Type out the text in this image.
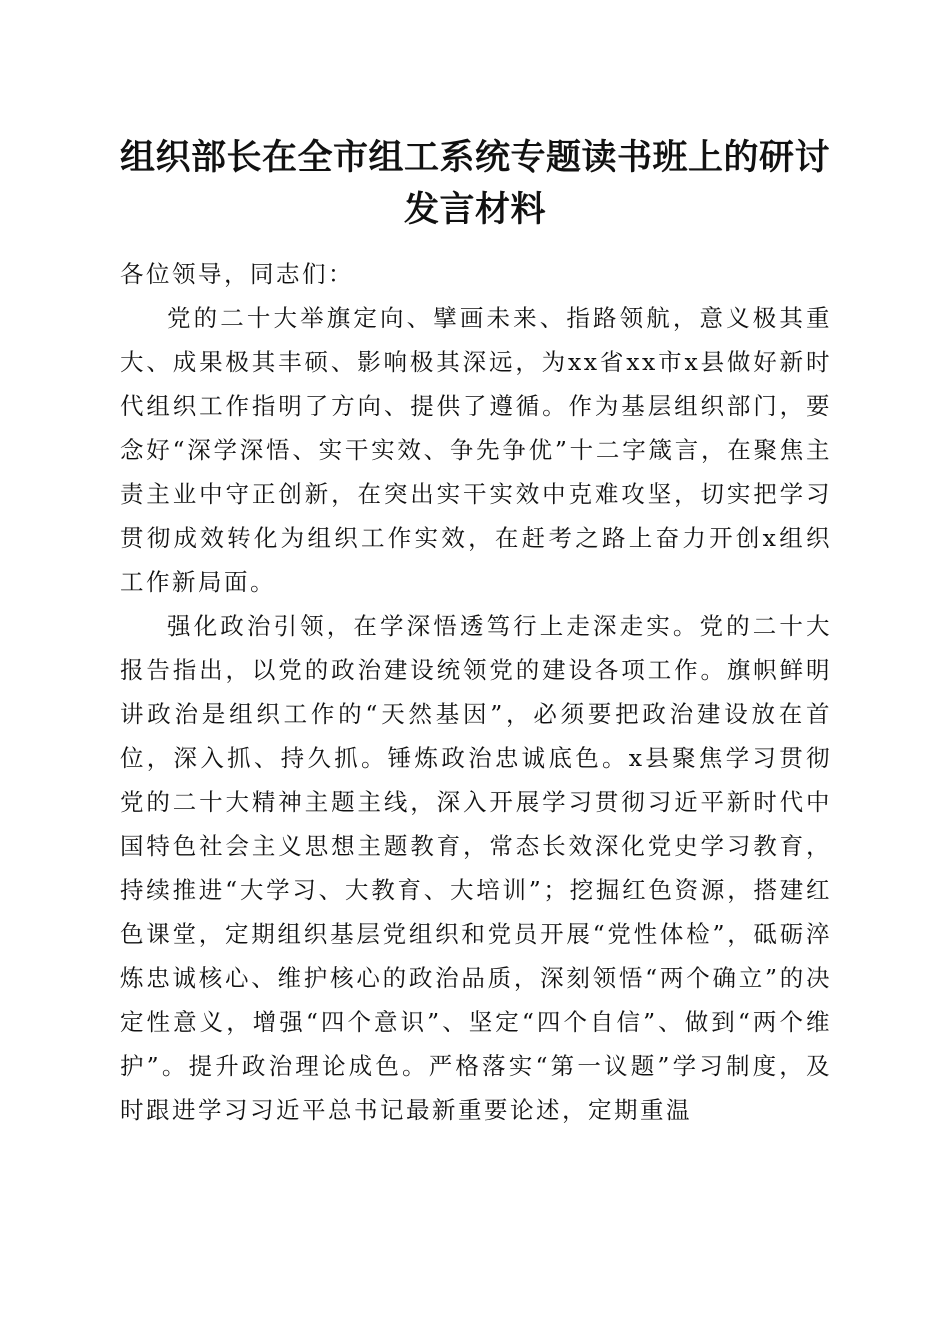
组织部长在全市组工系统专题读书班上的研讨
发言材料

各位领导，同志们：

党的二十大举旗定向、擘画未来、指路领航，意义极其重大、成果极其丰硕、影响极其深远，为xx省xx市x县做好新时代组织工作指明了方向、提供了遵循。作为基层组织部门，要念好“深学深悟、实干实效、争先争优”十二字箴言，在聚焦主责主业中守正创新，在突出实干实效中克难攻坚，切实把学习贯彻成效转化为组织工作实效，在赶考之路上奋力开创x组织工作新局面。

强化政治引领，在学深悟透笃行上走深走实。党的二十大报告指出，以党的政治建设统领党的建设各项工作。旗帜鲜明讲政治是组织工作的“天然基因”，必须要把政治建设放在首位，深入抓、持久抓。锤炼政治忠诚底色。x县聚焦学习贯彻党的二十大精神主题主线，深入开展学习贯彻习近平新时代中国特色社会主义思想主题教育，常态长效深化党史学习教育，持续推进“大学习、大教育、大培训”；挖掘红色资源，搭建红色课堂，定期组织基层党组织和党员开展“党性体检”，砥砺淬炼忠诚核心、维护核心的政治品质，深刻领悟“两个确立”的决定性意义，增强“四个意识”、坚定“四个自信”、做到“两个维护”。提升政治理论成色。严格落实“第一议题”学习制度，及时跟进学习习近平总书记最新重要论述，定期重温
